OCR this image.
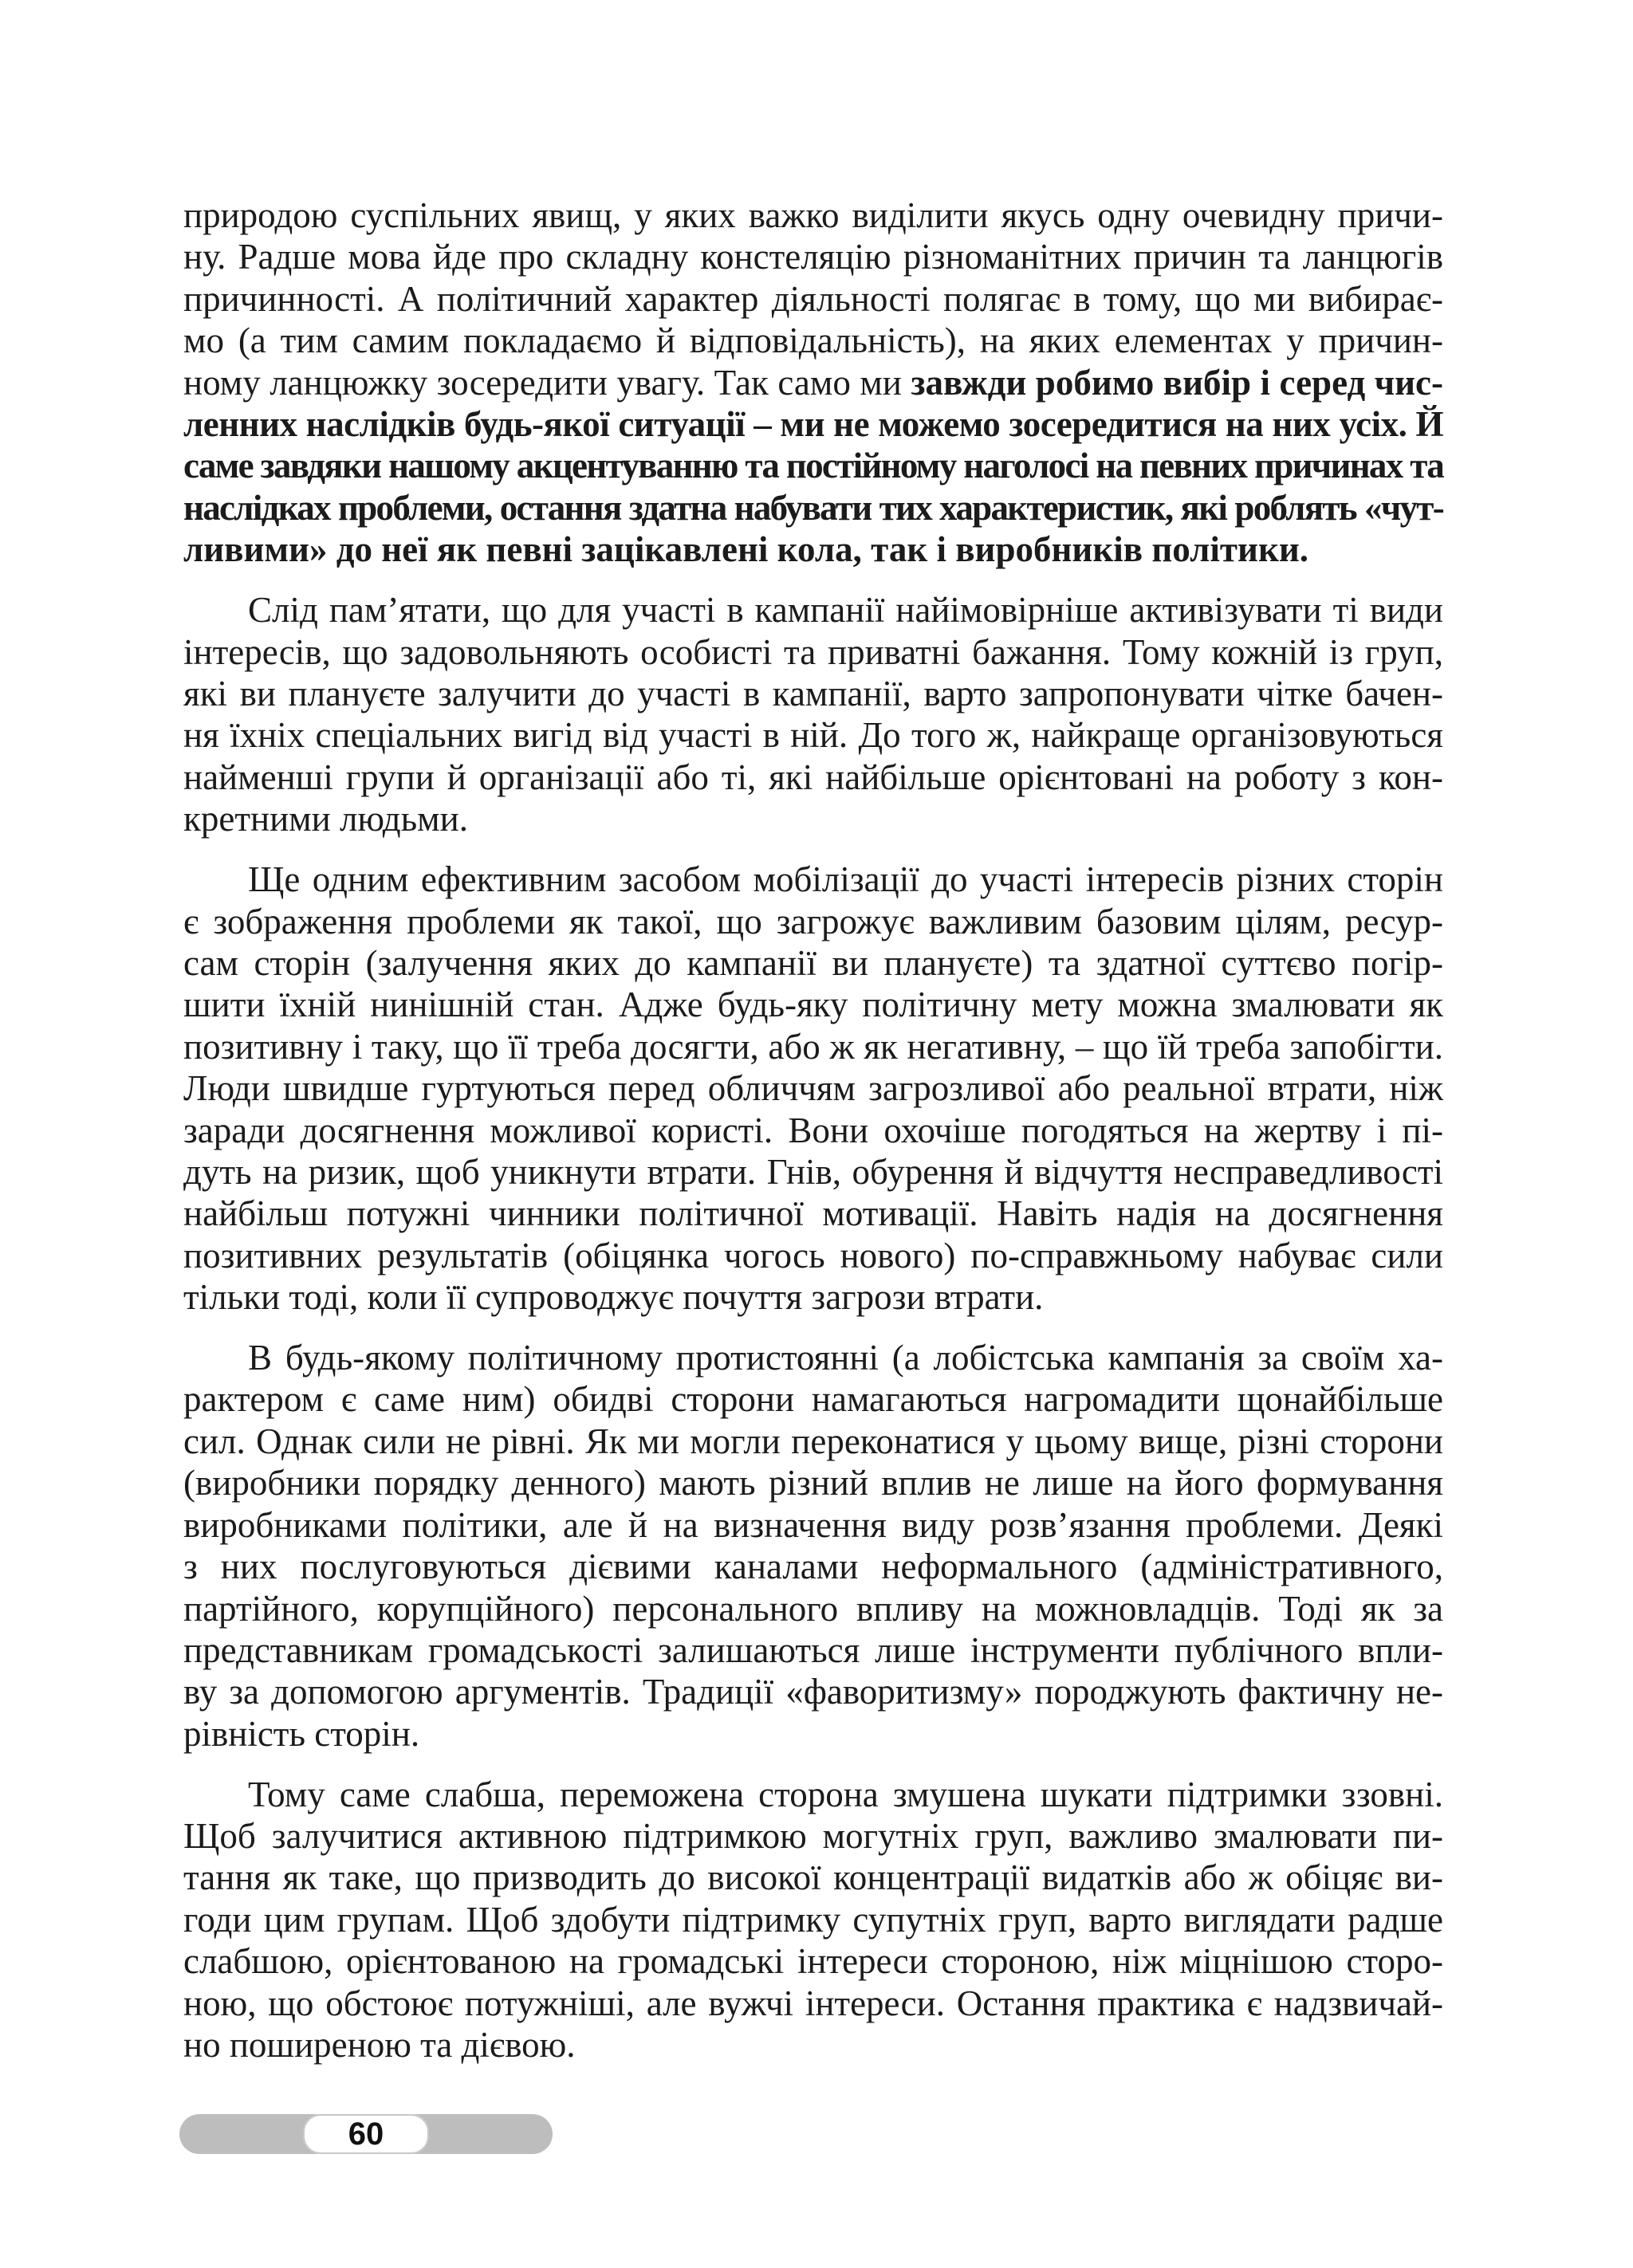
природою суспільних явищ, у яких важко виділити якусь одну очевидну причи-
ну. Радше мова йде про складну констеляцію різноманітних причин та ланцюгів
причинності. А політичний характер діяльності полягає в тому, що ми вибирає-
мо (а тим самим покладаємо й відповідальність), на яких елементах у причин-
ному ланцюжку зосередити увагу. Так само ми завжди робимо вибір і серед чис-
ленних наслідків будь-якої ситуації – ми не можемо зосередитися на них усіх. Й
саме завдяки нашому акцентуванню та постійному наголосі на певних причинах та
наслідках проблеми, остання здатна набувати тих характеристик, які роблять «чут-
ливими» до неї як певні зацікавлені кола, так і виробників політики.
Слід пам’ятати, що для участі в кампанії найімовірніше активізувати ті види
інтересів, що задовольняють особисті та приватні бажання. Тому кожній із груп,
які ви плануєте залучити до участі в кампанії, варто запропонувати чітке бачен-
ня їхніх спеціальних вигід від участі в ній. До того ж, найкраще організовуються
найменші групи й організації або ті, які найбільше орієнтовані на роботу з кон-
кретними людьми.
Ще одним ефективним засобом мобілізації до участі інтересів різних сторін
є зображення проблеми як такої, що загрожує важливим базовим цілям, ресур-
сам сторін (залучення яких до кампанії ви плануєте) та здатної суттєво погір-
шити їхній нинішній стан. Адже будь-яку політичну мету можна змалювати як
позитивну і таку, що її треба досягти, або ж як негативну, – що їй треба запобігти.
Люди швидше гуртуються перед обличчям загрозливої або реальної втрати, ніж
заради досягнення можливої користі. Вони охочіше погодяться на жертву і пі-
дуть на ризик, щоб уникнути втрати. Гнів, обурення й відчуття несправедливості
найбільш потужні чинники політичної мотивації. Навіть надія на досягнення
позитивних результатів (обіцянка чогось нового) по-справжньому набуває сили
тільки тоді, коли її супроводжує почуття загрози втрати.
В будь-якому політичному протистоянні (а лобістська кампанія за своїм ха-
рактером є саме ним) обидві сторони намагаються нагромадити щонайбільше
сил. Однак сили не рівні. Як ми могли переконатися у цьому вище, різні сторони
(виробники порядку денного) мають різний вплив не лише на його формування
виробниками політики, але й на визначення виду розв’язання проблеми. Деякі
з них послуговуються дієвими каналами неформального (адміністративного,
партійного, корупційного) персонального впливу на можновладців. Тоді як за
представникам громадськості залишаються лише інструменти публічного впли-
ву за допомогою аргументів. Традиції «фаворитизму» породжують фактичну не-
рівність сторін.
Тому саме слабша, переможена сторона змушена шукати підтримки ззовні.
Щоб залучитися активною підтримкою могутніх груп, важливо змалювати пи-
тання як таке, що призводить до високої концентрації видатків або ж обіцяє ви-
годи цим групам. Щоб здобути підтримку супутніх груп, варто виглядати радше
слабшою, орієнтованою на громадські інтереси стороною, ніж міцнішою сторо-
ною, що обстоює потужніші, але вужчі інтереси. Остання практика є надзвичай-
но поширеною та дієвою.
60
